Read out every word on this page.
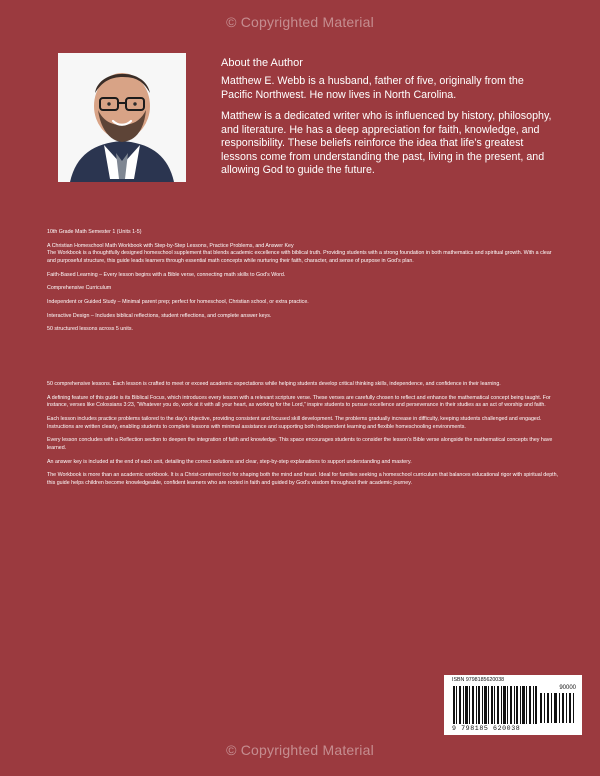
© Copyrighted Material
About the Author

Matthew E. Webb is a husband, father of five, originally from the Pacific Northwest. He now lives in North Carolina.

Matthew is a dedicated writer who is influenced by history, philosophy, and literature. He has a deep appreciation for faith, knowledge, and responsibility. These beliefs reinforce the idea that life’s greatest lessons come from understanding the past, living in the present, and allowing God to guide the future.

10th Grade Math Semester 1 (Units 1-5)

A Christian Homeschool Math Workbook with Step-by-Step Lessons, Practice Problems, and Answer Key
The Workbook is a thoughtfully designed homeschool supplement that blends academic excellence with biblical truth. Providing students with a strong foundation in both mathematics and spiritual growth. With a clear and purposeful structure, this guide leads learners through essential math concepts while nurturing their faith, character, and sense of purpose in God’s plan.

Faith-Based Learning – Every lesson begins with a Bible verse, connecting math skills to God’s Word.

Comprehensive Curriculum

Independent or Guided Study – Minimal parent prep; perfect for homeschool, Christian school, or extra practice.

Interactive Design – Includes biblical reflections, student reflections, and complete answer keys.

50 structured lessons across 5 units.

50 comprehensive lessons. Each lesson is crafted to meet or exceed academic expectations while helping students develop critical thinking skills, independence, and confidence in their learning.

A defining feature of this guide is its Biblical Focus, which introduces every lesson with a relevant scripture verse. These verses are carefully chosen to reflect and enhance the mathematical concept being taught. For instance, verses like Colossians 3:23, “Whatever you do, work at it with all your heart, as working for the Lord,” inspire students to pursue excellence and perseverance in their studies as an act of worship and faith.

Each lesson includes practice problems tailored to the day’s objective, providing consistent and focused skill development. The problems gradually increase in difficulty, keeping students challenged and engaged. Instructions are written clearly, enabling students to complete lessons with minimal assistance and supporting both independent learning and flexible homeschooling environments.

Every lesson concludes with a Reflection section to deepen the integration of faith and knowledge. This space encourages students to consider the lesson’s Bible verse alongside the mathematical concepts they have learned.

An answer key is included at the end of each unit, detailing the correct solutions and clear, step-by-step explanations to support understanding and mastery.

The Workbook is more than an academic workbook. It is a Christ-centered tool for shaping both the mind and heart. Ideal for families seeking a homeschool curriculum that balances educational rigor with spiritual depth, this guide helps children become knowledgeable, confident learners who are rooted in faith and guided by God’s wisdom throughout their academic journey.

ISBN 9798185620038
90000
9 798185 620038
© Copyrighted Material
